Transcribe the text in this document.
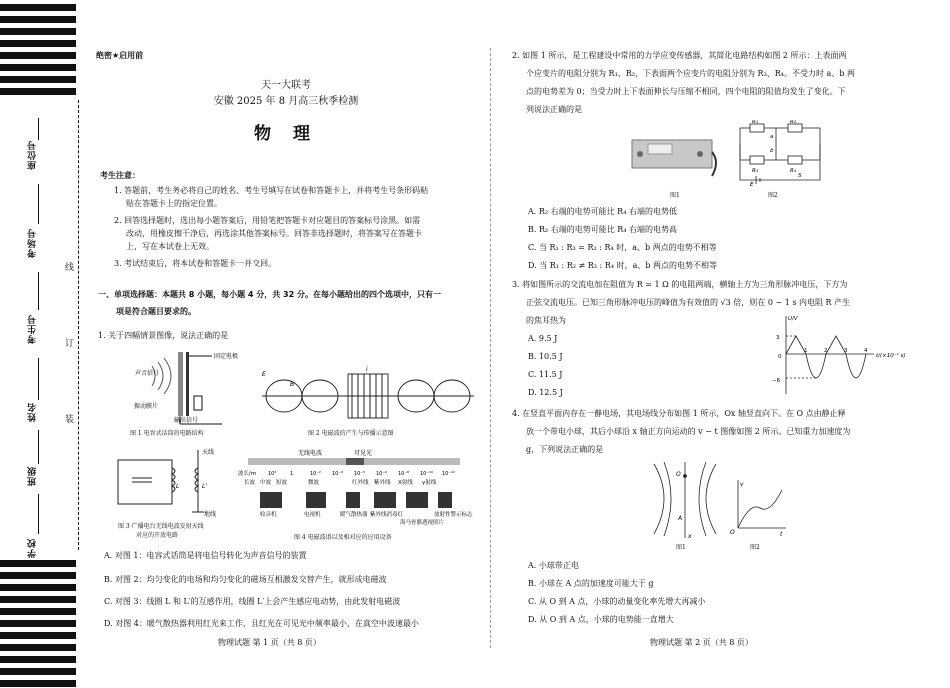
座位号
考场号
考生号
姓名
班级
学校
线
订
装
绝密★启用前
天一大联考
安徽 2025 年 8 月高三秋季检测
物 理
考生注意：
1. 答题前，考生务必将自己的姓名、考生号填写在试卷和答题卡上，并将考生号条形码粘
贴在答题卡上的指定位置。
2. 回答选择题时，选出每小题答案后，用铅笔把答题卡对应题目的答案标号涂黑。如需
改动，用橡皮擦干净后，再选涂其他答案标号。回答非选择题时，将答案写在答题卡
上，写在本试卷上无效。
3. 考试结束后，将本试卷和答题卡一并交回。
一、单项选择题：本题共 8 小题，每小题 4 分，共 32 分。在每小题给出的四个选项中，只有一
项是符合题目要求的。
1. 关于四幅情景图像，说法正确的是
声音信号
固定电极
振动膜片
输出信号
图 1 电容式话筒的电路结构
E
B
i
图 2 电磁波的产生与传播示意图
L	L'
地线
天线
图 3 广播电台无线电波发射天线
对应的开放电路
无线电波	可见光
波长/m 10³	1	10⁻² 10⁻³ 10⁻⁵ 10⁻⁶ 10⁻⁸ 10⁻¹⁰ 10⁻¹²
长波 中波 短波	微波	红外线 紫外线 X射线 γ射线
收音机	电视机	暖气散热器 紫外线消毒灯
海马骨骼透视照片
放射性警示标志
图 4 电磁波谱以及相对应的应用设备
A. 对图 1：电容式话筒是将电信号转化为声音信号的装置
B. 对图 2：均匀变化的电场和均匀变化的磁场互相激发交替产生，就形成电磁波
C. 对图 3：线圈 L 和 L′的互感作用，线圈 L′上会产生感应电动势，由此发射电磁波
D. 对图 4：暖气散热器利用红光来工作，且红光在可见光中频率最小，在真空中波速最小
物理试题 第 1 页（共 8 页）
2. 如图 1 所示，是工程建设中常用的力学应变传感器，其简化电路结构如图 2 所示：上表面两
个应变片的电阻分别为 R₁、R₂，下表面两个应变片的电阻分别为 R₃、R₄。不受力时 a、b 两
点的电势差为 0；当受力时上下表面伸长与压缩不相同，四个电阻的阻值均发生了变化。下
列说法正确的是
图1
R₁	R₂
R₃	R₄
a
b
S
E
图2
A. R₂ 右端的电势可能比 R₄ 右端的电势低
B. R₂ 右端的电势可能比 R₄ 右端的电势高
C. 当 R₁ : R₃ = R₂ : R₄ 时，a、b 两点的电势不相等
D. 当 R₁ : R₂ ≠ R₃ : R₄ 时，a、b 两点的电势不相等
3. 将如图所示的交流电加在阻值为 R = 1 Ω 的电阻两端，横轴上方为三角形脉冲电压，下方为
正弦交流电压。已知三角形脉冲电压的峰值为有效值的 √3 倍，则在 0 ~ 1 s 内电阻 R 产生
的焦耳热为
A. 9.5 J
B. 10.5 J
C. 11.5 J
D. 12.5 J
U/V
t/(×10⁻¹ s)
3
−6
0
1	2	3	4
4. 在竖直平面内存在一静电场，其电场线分布如图 1 所示，Ox 轴竖直向下。在 O 点由静止释
放一个带电小球，其后小球沿 x 轴正方向运动的 v − t 图像如图 2 所示。已知重力加速度为
g，下列说法正确的是
O
A
x
图1
v
t
O
图2
A. 小球带正电
B. 小球在 A 点的加速度可能大于 g
C. 从 O 到 A 点，小球的动量变化率先增大再减小
D. 从 O 到 A 点，小球的电势能一直增大
物理试题 第 2 页（共 8 页）
